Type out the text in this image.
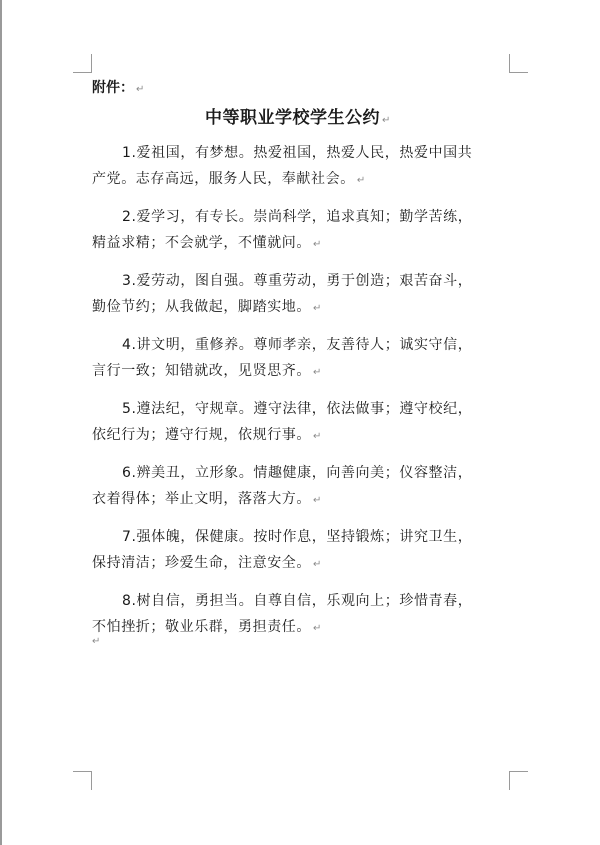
附件： ↵
中等职业学校学生公约 ↵

1.爱祖国，有梦想。热爱祖国，热爱人民，热爱中国共
产党。志存高远，服务人民，奉献社会。 ↵

2.爱学习，有专长。崇尚科学，追求真知；勤学苦练，
精益求精；不会就学，不懂就问。 ↵

3.爱劳动，图自强。尊重劳动，勇于创造；艰苦奋斗，
勤俭节约；从我做起，脚踏实地。 ↵

4.讲文明，重修养。尊师孝亲，友善待人；诚实守信，
言行一致；知错就改，见贤思齐。 ↵

5.遵法纪，守规章。遵守法律，依法做事；遵守校纪，
依纪行为；遵守行规，依规行事。 ↵

6.辨美丑，立形象。情趣健康，向善向美；仪容整洁，
衣着得体；举止文明，落落大方。 ↵

7.强体魄，保健康。按时作息，坚持锻炼；讲究卫生，
保持清洁；珍爱生命，注意安全。 ↵

8.树自信，勇担当。自尊自信，乐观向上；珍惜青春，
不怕挫折；敬业乐群，勇担责任。 ↵

↵
